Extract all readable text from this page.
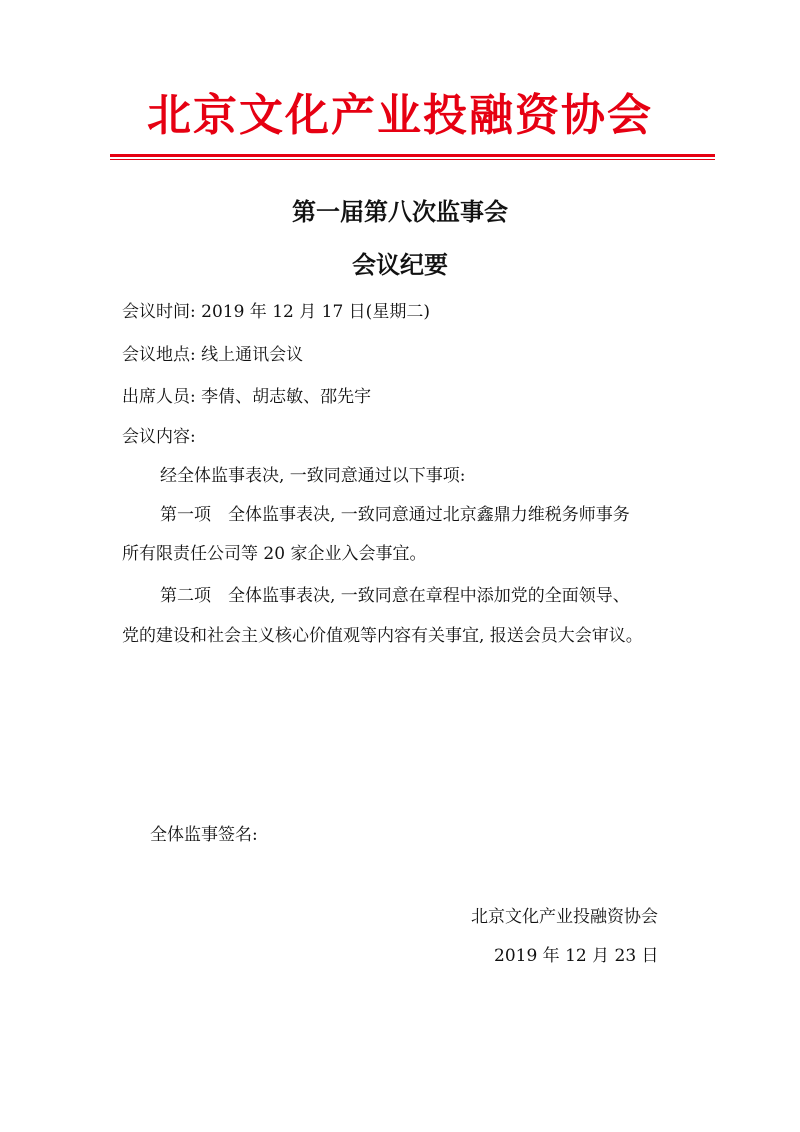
北京文化产业投融资协会
第一届第八次监事会
会议纪要
会议时间: 2019 年 12 月 17 日(星期二)
会议地点: 线上通讯会议
出席人员: 李倩、胡志敏、邵先宇
会议内容:
经全体监事表决, 一致同意通过以下事项:
第一项　全体监事表决, 一致同意通过北京鑫鼎力维税务师事务
所有限责任公司等 20 家企业入会事宜。
第二项　全体监事表决, 一致同意在章程中添加党的全面领导、
党的建设和社会主义核心价值观等内容有关事宜, 报送会员大会审议。
全体监事签名:
北京文化产业投融资协会
2019 年 12 月 23 日
